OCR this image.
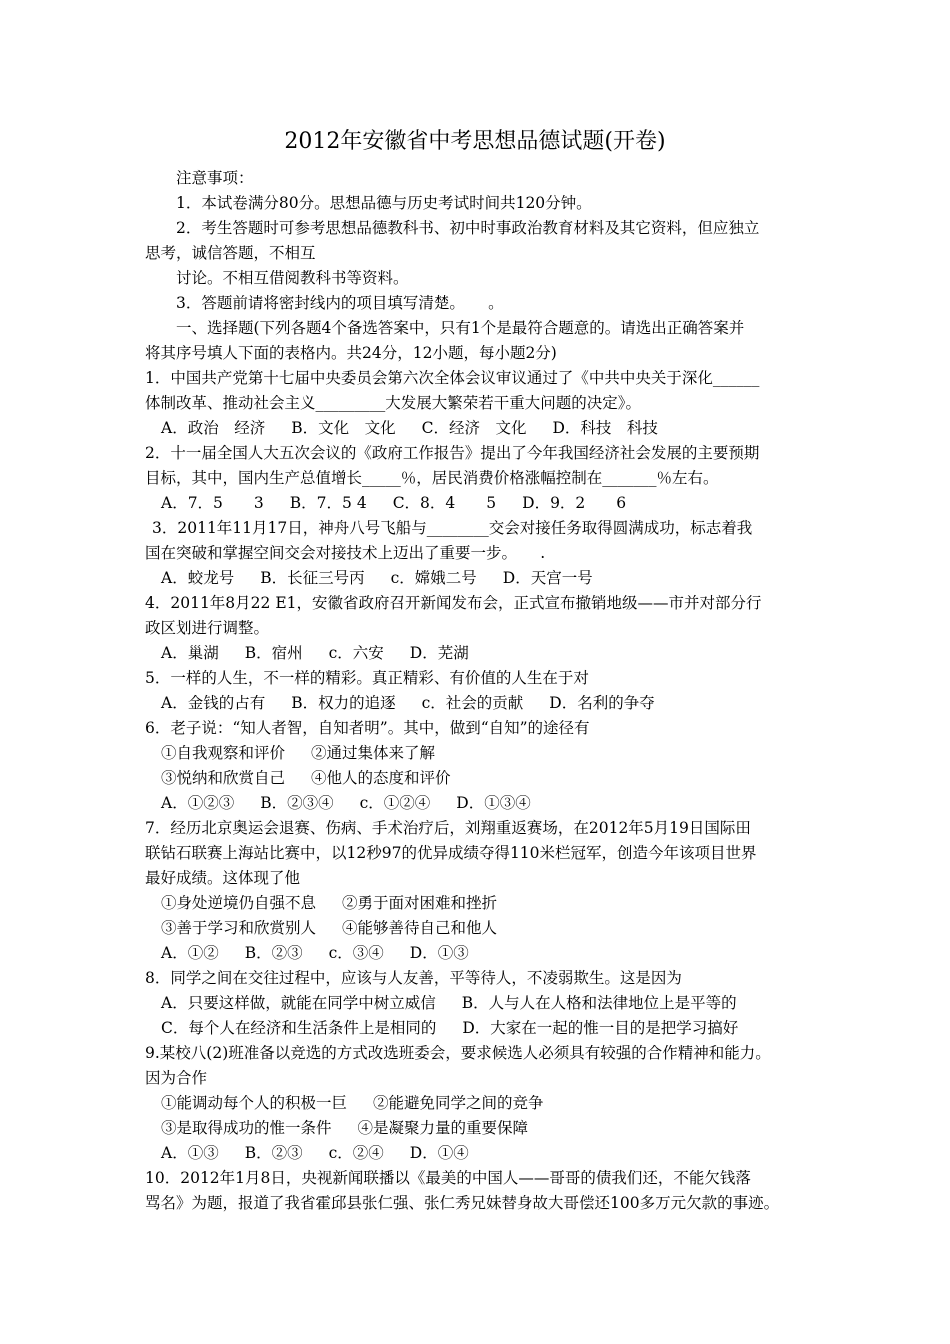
2012年安徽省中考思想品德试题(开卷)
注意事项：
1．本试卷满分80分。思想品德与历史考试时间共120分钟。
2．考生答题时可参考思想品德教科书、初中时事政治教育材料及其它资料，但应独立
思考，诚信答题，不相互
讨论。不相互借阅教科书等资料。
3．答题前请将密封线内的项目填写清楚。　　。
一、选择题(下列各题4个备选答案中，只有1个是最符合题意的。请选出正确答案并
将其序号填人下面的表格内。共24分，12小题，每小题2分)
1．中国共产党第十七届中央委员会第六次全体会议审议通过了《中共中央关于深化______
体制改革、推动社会主义_________大发展大繁荣若干重大问题的决定》。
A．政治　经济 B．文化　文化 C．经济　文化 D．科技　科技
2．十一届全国人大五次会议的《政府工作报告》提出了今年我国经济社会发展的主要预期
目标，其中，国内生产总值增长_____％，居民消费价格涨幅控制在_______％左右。
A．7．5　　3 B．7．5 4 C．8．4　　5 D．9．2　　6
3．2011年11月17日，神舟八号飞船与________交会对接任务取得圆满成功，标志着我
国在突破和掌握空间交会对接技术上迈出了重要一步。　　.
A．蛟龙号 B．长征三号丙 c．嫦娥二号 D．天宫一号
4．2011年8月22 E1，安徽省政府召开新闻发布会，正式宣布撤销地级——市并对部分行
政区划进行调整。
A．巢湖 B．宿州 c．六安 D．芜湖
5．一样的人生，不一样的精彩。真正精彩、有价值的人生在于对
A．金钱的占有 B．权力的追逐 c．社会的贡献 D．名利的争夺
6．老子说：“知人者智，自知者明”。其中，做到“自知”的途径有
①自我观察和评价 ②通过集体来了解
③悦纳和欣赏自己 ④他人的态度和评价
A．①②③ B．②③④ c．①②④ D．①③④
7．经历北京奥运会退赛、伤病、手术治疗后，刘翔重返赛场，在2012年5月19日国际田
联钻石联赛上海站比赛中，以12秒97的优异成绩夺得110米栏冠军，创造今年该项目世界
最好成绩。这体现了他
①身处逆境仍自强不息 ②勇于面对困难和挫折
③善于学习和欣赏别人 ④能够善待自己和他人
A．①② B．②③ c．③④ D．①③
8．同学之间在交往过程中，应该与人友善，平等待人，不凌弱欺生。这是因为
A．只要这样做，就能在同学中树立威信 B．人与人在人格和法律地位上是平等的
C．每个人在经济和生活条件上是相同的 D．大家在一起的惟一目的是把学习搞好
9.某校八(2)班准备以竞选的方式改选班委会，要求候选人必须具有较强的合作精神和能力。
因为合作
①能调动每个人的积极一巨 ②能避免同学之间的竞争
③是取得成功的惟一条件 ④是凝聚力量的重要保障
A．①③ B．②③ c．②④ D．①④
10．2012年1月8日，央视新闻联播以《最美的中国人——哥哥的债我们还，不能欠钱落
骂名》为题，报道了我省霍邱县张仁强、张仁秀兄妹替身故大哥偿还100多万元欠款的事迹。
